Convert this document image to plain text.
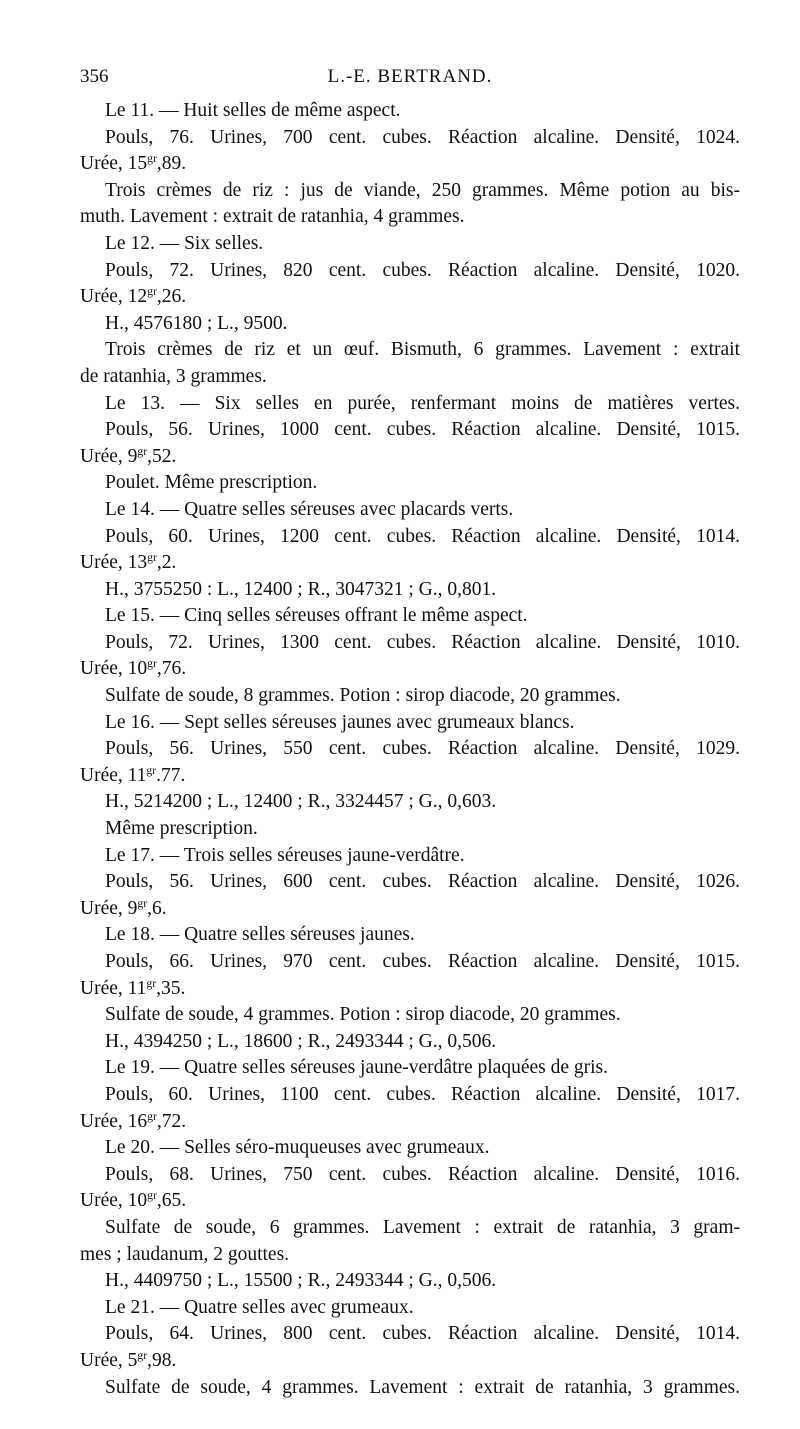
356	L.-E. BERTRAND.
Le 11. — Huit selles de même aspect.
Pouls, 76. Urines, 700 cent. cubes. Réaction alcaline. Densité, 1024.
Urée, $15^{gr},89$.
Trois crèmes de riz : jus de viande, 250 grammes. Même potion au bis-
muth. Lavement : extrait de ratanhia, 4 grammes.
Le 12. — Six selles.
Pouls, 72. Urines, 820 cent. cubes. Réaction alcaline. Densité, 1020.
Urée, $12^{gr},26$.
H., 4576180 ; L., 9500.
Trois crèmes de riz et un œuf. Bismuth, 6 grammes. Lavement : extrait
de ratanhia, 3 grammes.
Le 13. — Six selles en purée, renfermant moins de matières vertes.
Pouls, 56. Urines, 1000 cent. cubes. Réaction alcaline. Densité, 1015.
Urée, $9^{gr},52$.
Poulet. Même prescription.
Le 14. — Quatre selles séreuses avec placards verts.
Pouls, 60. Urines, 1200 cent. cubes. Réaction alcaline. Densité, 1014.
Urée, $13^{gr},2$.
H., 3755250 : L., 12400 ; R., 3047321 ; G., 0,801.
Le 15. — Cinq selles séreuses offrant le même aspect.
Pouls, 72. Urines, 1300 cent. cubes. Réaction alcaline. Densité, 1010.
Urée, $10^{gr},76$.
Sulfate de soude, 8 grammes. Potion : sirop diacode, 20 grammes.
Le 16. — Sept selles séreuses jaunes avec grumeaux blancs.
Pouls, 56. Urines, 550 cent. cubes. Réaction alcaline. Densité, 1029.
Urée, $11^{gr}.77$.
H., 5214200 ; L., 12400 ; R., 3324457 ; G., 0,603.
Même prescription.
Le 17. — Trois selles séreuses jaune-verdâtre.
Pouls, 56. Urines, 600 cent. cubes. Réaction alcaline. Densité, 1026.
Urée, $9^{gr},6$.
Le 18. — Quatre selles séreuses jaunes.
Pouls, 66. Urines, 970 cent. cubes. Réaction alcaline. Densité, 1015.
Urée, $11^{gr},35$.
Sulfate de soude, 4 grammes. Potion : sirop diacode, 20 grammes.
H., 4394250 ; L., 18600 ; R., 2493344 ; G., 0,506.
Le 19. — Quatre selles séreuses jaune-verdâtre plaquées de gris.
Pouls, 60. Urines, 1100 cent. cubes. Réaction alcaline. Densité, 1017.
Urée, $16^{gr},72$.
Le 20. — Selles séro-muqueuses avec grumeaux.
Pouls, 68. Urines, 750 cent. cubes. Réaction alcaline. Densité, 1016.
Urée, $10^{gr},65$.
Sulfate de soude, 6 grammes. Lavement : extrait de ratanhia, 3 gram-
mes ; laudanum, 2 gouttes.
H., 4409750 ; L., 15500 ; R., 2493344 ; G., 0,506.
Le 21. — Quatre selles avec grumeaux.
Pouls, 64. Urines, 800 cent. cubes. Réaction alcaline. Densité, 1014.
Urée, $5^{gr},98$.
Sulfate de soude, 4 grammes. Lavement : extrait de ratanhia, 3 grammes.
